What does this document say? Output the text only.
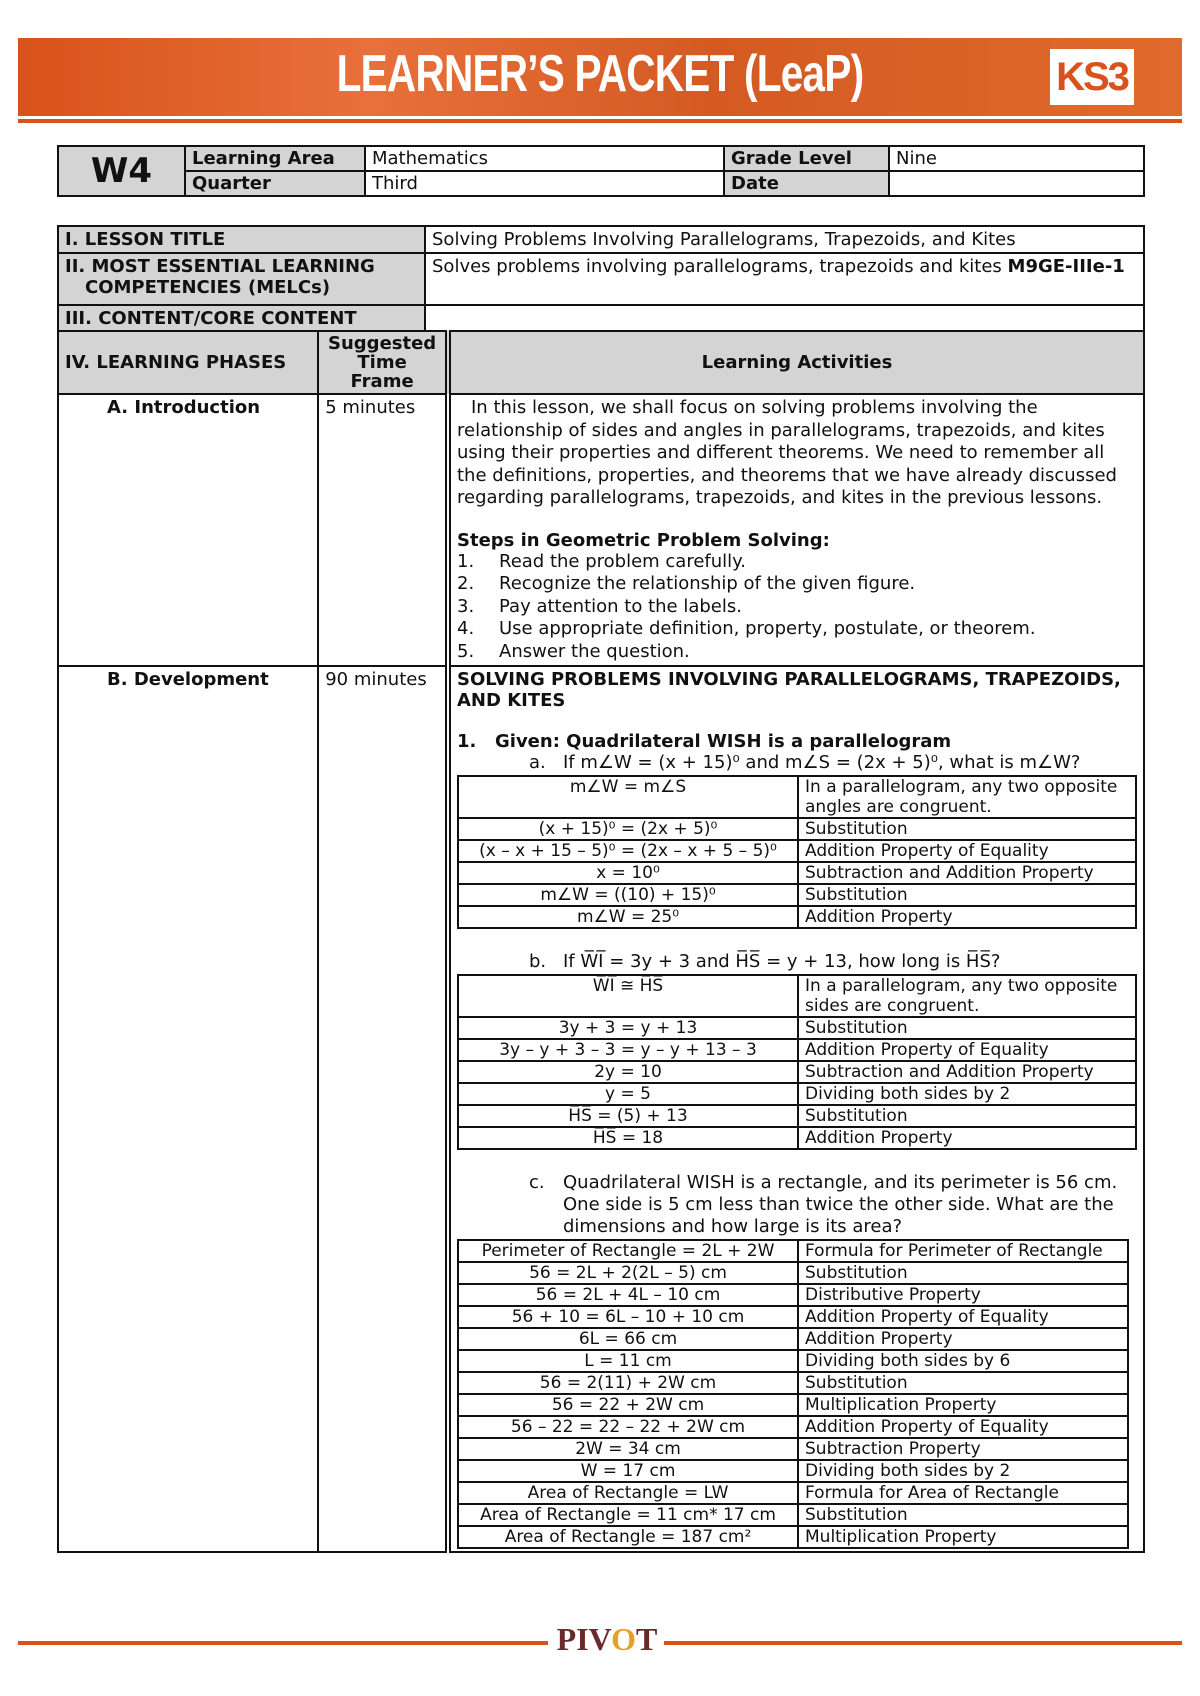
LEARNER’S PACKET (LeaP)	KS3
W4	Learning Area	Mathematics	Grade Level	Nine
	Quarter	Third	Date	
I. LESSON TITLE	Solving Problems Involving Parallelograms, Trapezoids, and Kites

II. MOST ESSENTIAL LEARNING
COMPETENCIES (MELCs)	Solves problems involving parallelograms, trapezoids and kites M9GE-IIIe-1
III. CONTENT/CORE CONTENT	
IV. LEARNING PHASES	
Suggested
Time Frame
	Learning Activities

A. Introduction	5 minutes	In this lesson, we shall focus on solving problems involving the relationship of sides and angles in parallelograms, trapezoids, and kites using their properties and different theorems. We need to remember all the definitions, properties, and theorems that we have already discussed regarding parallelograms, trapezoids, and kites in the previous lessons.
Steps in Geometric Problem Solving:
1.	Read the problem carefully.
2.	Recognize the relationship of the given figure.
3.	Pay attention to the labels.
4.	Use appropriate definition, property, postulate, or theorem.
5.	Answer the question.

B. Development	90 minutes	SOLVING PROBLEMS INVOLVING PARALLELOGRAMS, TRAPEZOIDS, AND KITES
1.	Given: Quadrilateral WISH is a parallelogram
a. If m∠W = (x + 15)⁰ and m∠S = (2x + 5)⁰, what is m∠W?
m∠W = m∠S	In a parallelogram, any two opposite angles are congruent.
(x + 15)⁰ = (2x + 5)⁰	Substitution
(x – x + 15 – 5)⁰ = (2x – x + 5 – 5)⁰	Addition Property of Equality
x = 10⁰	Subtraction and Addition Property
m∠W = ((10) + 15)⁰	Substitution
m∠W = 25⁰	Addition Property
b. If W̅I̅ = 3y + 3 and H̅S̅ = y + 13, how long is H̅S̅?
W̅I̅ ≅ H̅S̅	In a parallelogram, any two opposite sides are congruent.
3y + 3 = y + 13	Substitution
3y – y + 3 – 3 = y – y + 13 – 3	Addition Property of Equality
2y = 10	Subtraction and Addition Property
y = 5	Dividing both sides by 2
H̅S̅ = (5) + 13	Substitution
H̅S̅ = 18	Addition Property
c.	Quadrilateral WISH is a rectangle, and its perimeter is 56 cm. One side is 5 cm less than twice the other side. What are the dimensions and how large is its area?
Perimeter of Rectangle = 2L + 2W	Formula for Perimeter of Rectangle
56 = 2L + 2(2L – 5) cm	Substitution
56 = 2L + 4L – 10 cm	Distributive Property
56 + 10 = 6L – 10 + 10 cm	Addition Property of Equality
6L = 66 cm	Addition Property
L = 11 cm	Dividing both sides by 6
56 = 2(11) + 2W cm	Substitution
56 = 22 + 2W cm	Multiplication Property
56 – 22 = 22 – 22 + 2W cm	Addition Property of Equality
2W = 34 cm	Subtraction Property
W = 17 cm	Dividing both sides by 2
Area of Rectangle = LW	Formula for Area of Rectangle
Area of Rectangle = 11 cm* 17 cm	Substitution
Area of Rectangle = 187 cm²	Multiplication Property
PIVOT
